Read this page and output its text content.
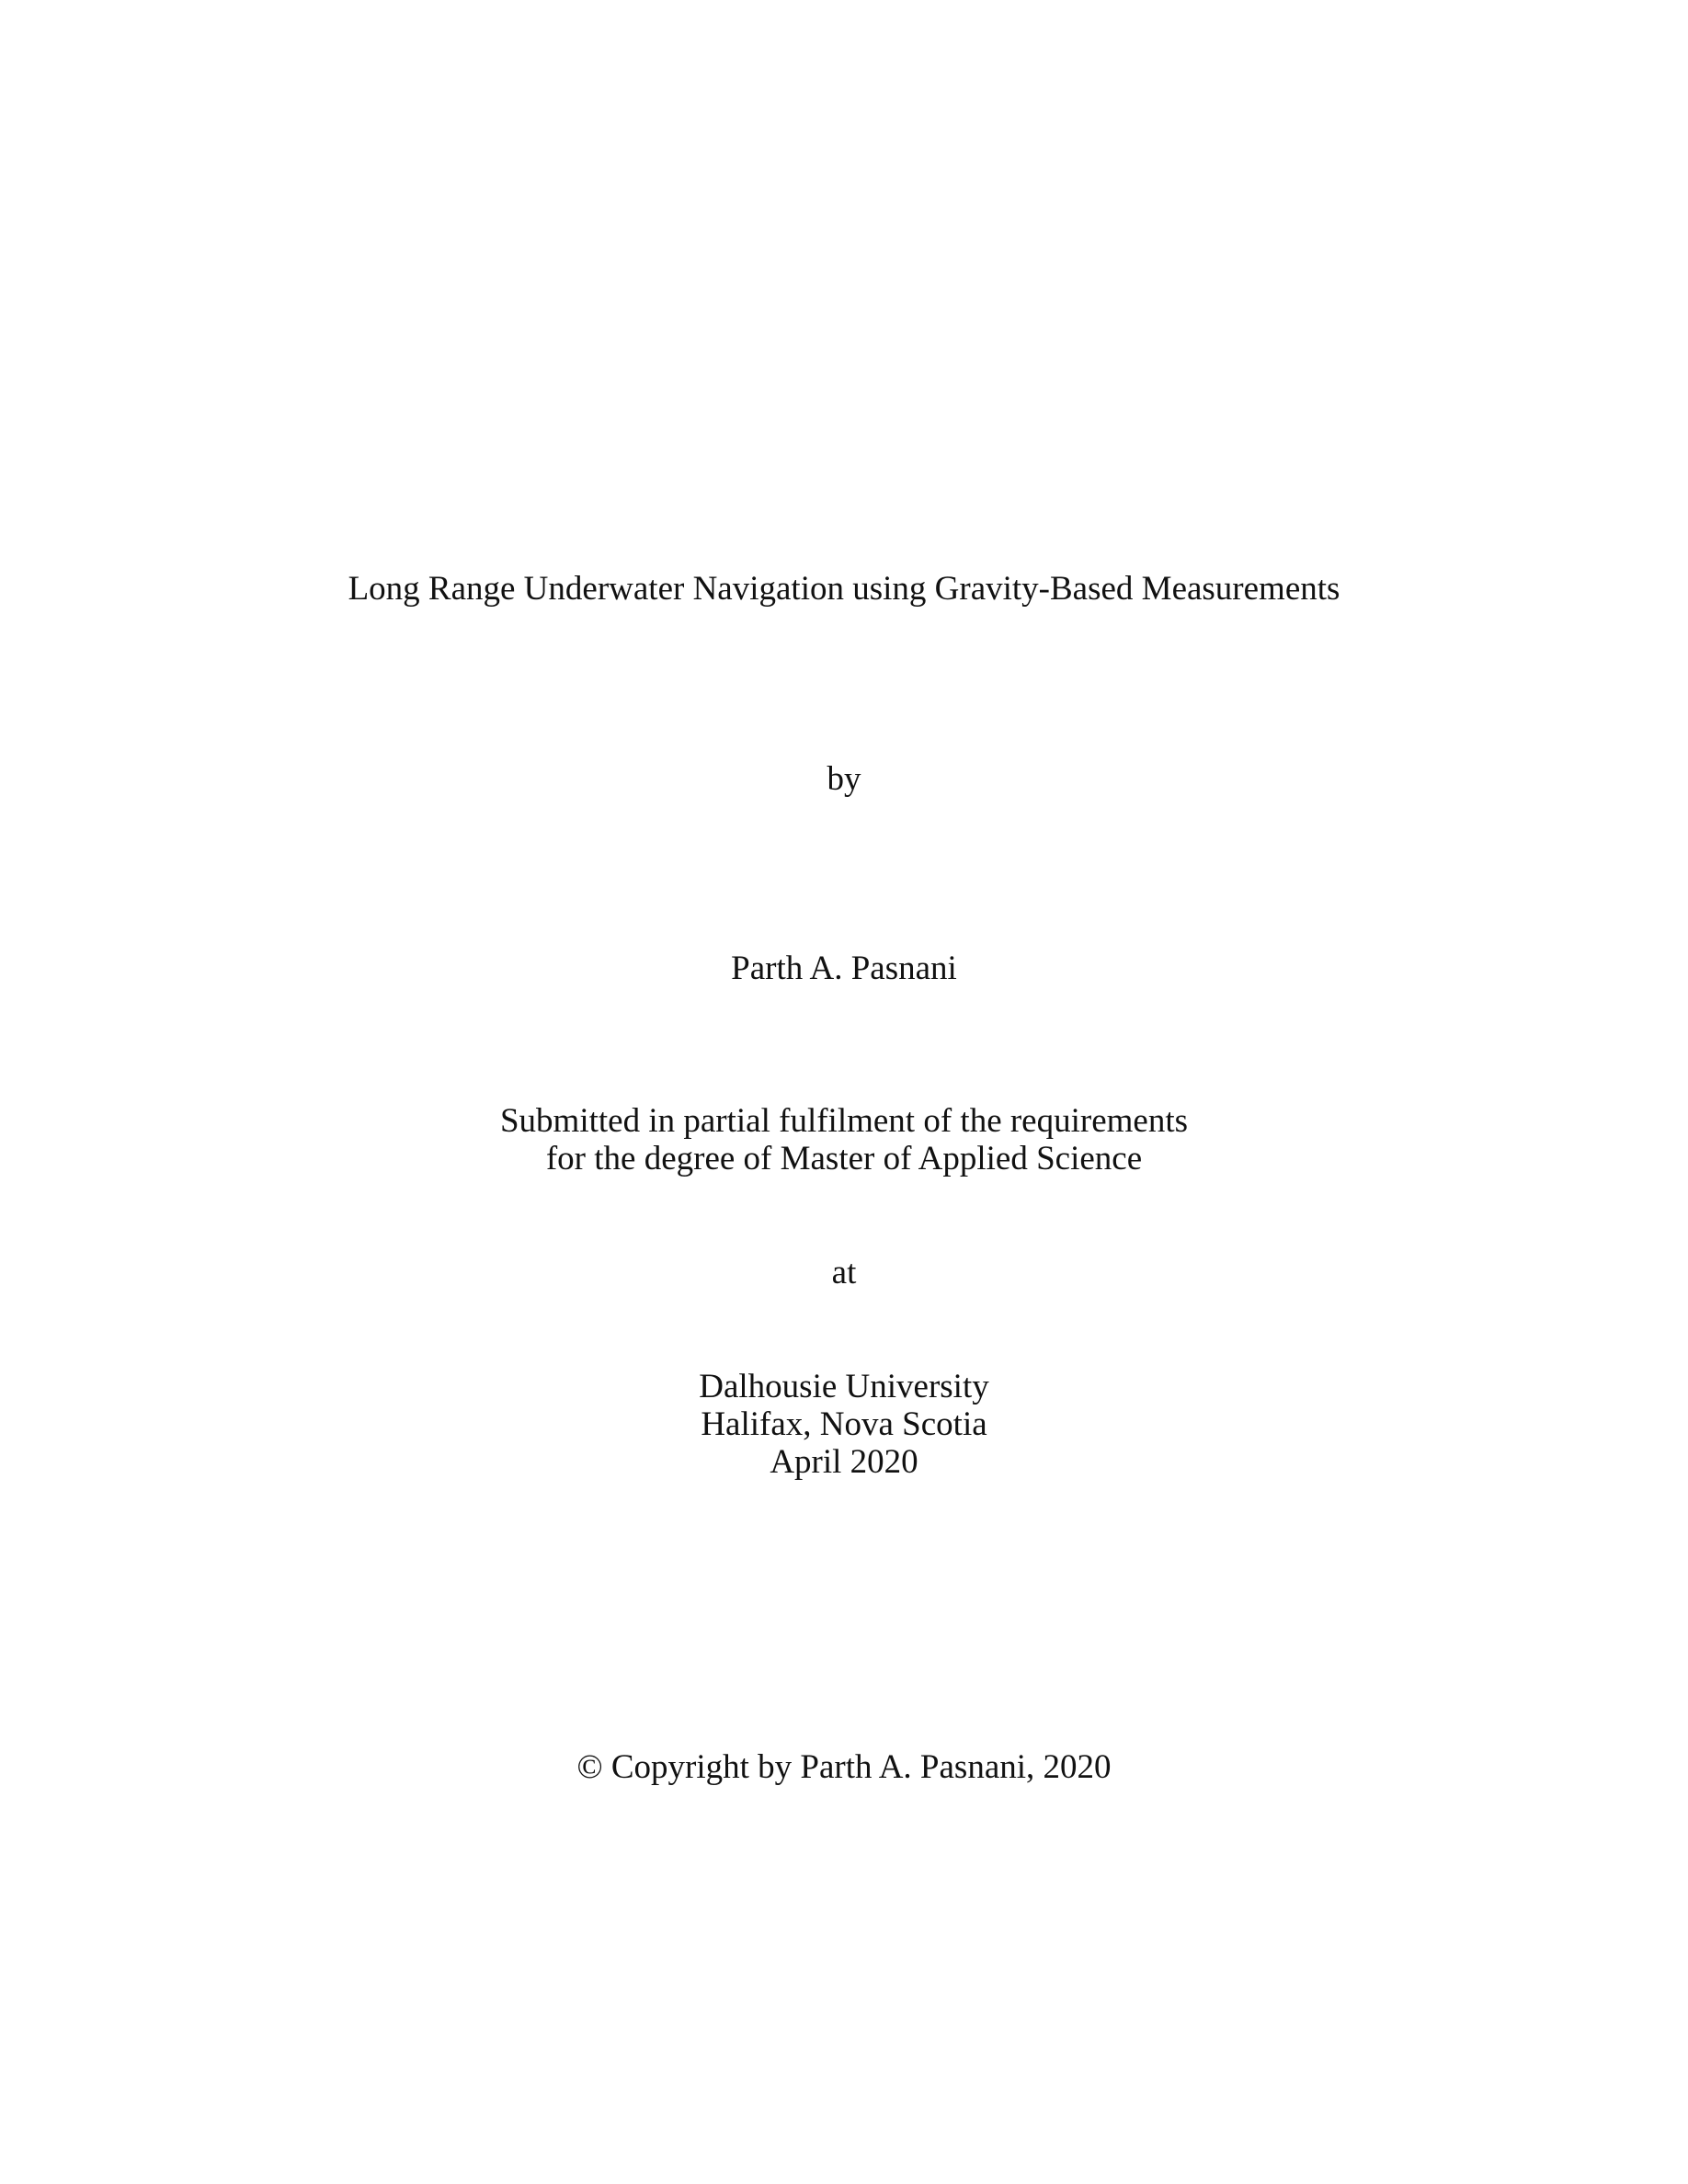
Long Range Underwater Navigation using Gravity-Based Measurements
by
Parth A. Pasnani
Submitted in partial fulfilment of the requirements
for the degree of Master of Applied Science
at
Dalhousie University
Halifax, Nova Scotia
April 2020
© Copyright by Parth A. Pasnani, 2020
